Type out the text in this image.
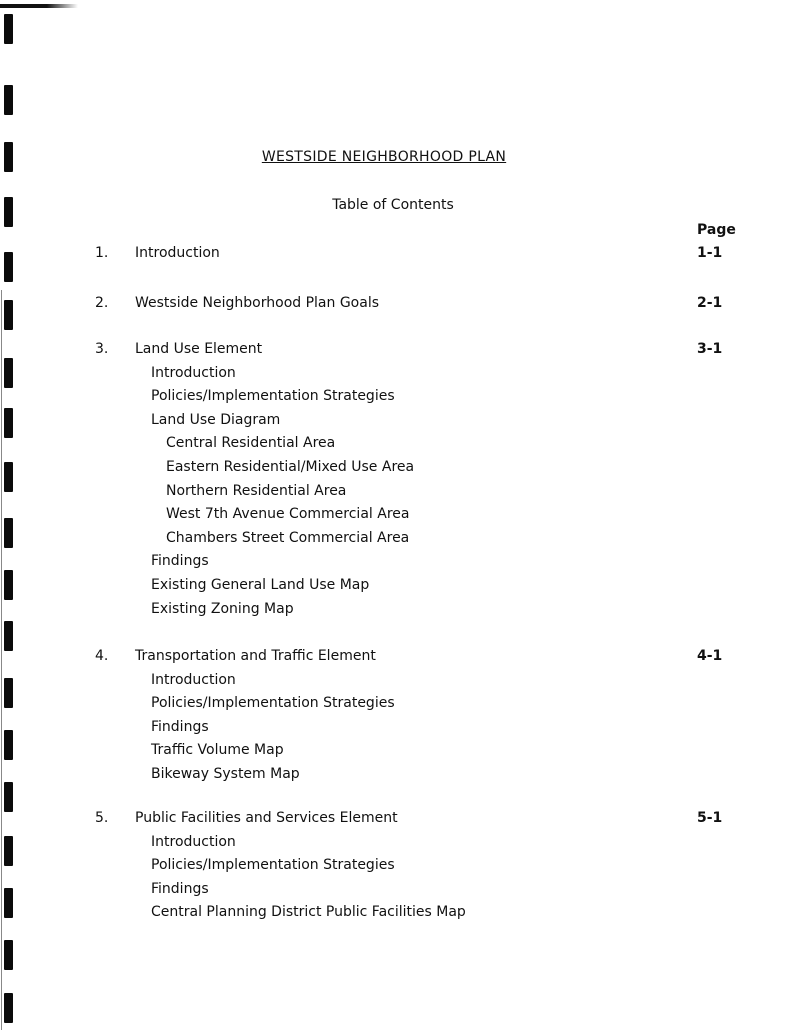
WESTSIDE NEIGHBORHOOD PLAN
Table of Contents
Page
1. Introduction	1-1
2. Westside Neighborhood Plan Goals	2-1
3. Land Use Element	3-1
Introduction
Policies/Implementation Strategies
Land Use Diagram
Central Residential Area
Eastern Residential/Mixed Use Area
Northern Residential Area
West 7th Avenue Commercial Area
Chambers Street Commercial Area
Findings
Existing General Land Use Map
Existing Zoning Map
4. Transportation and Traffic Element	4-1
Introduction
Policies/Implementation Strategies
Findings
Traffic Volume Map
Bikeway System Map
5. Public Facilities and Services Element	5-1
Introduction
Policies/Implementation Strategies
Findings
Central Planning District Public Facilities Map
